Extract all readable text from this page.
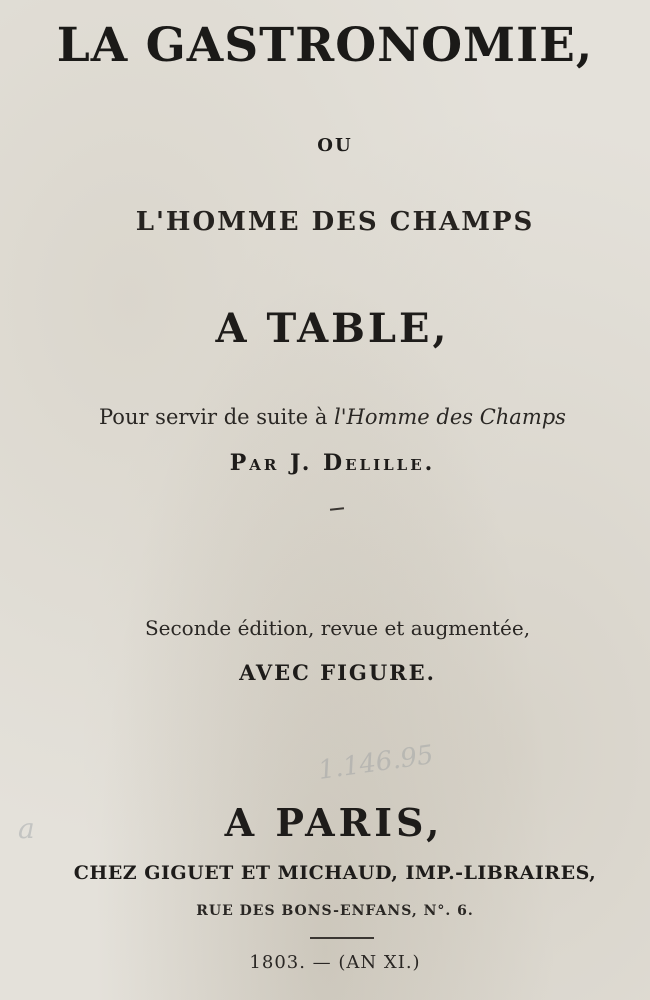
LA GASTRONOMIE,

OU

L'HOMME DES CHAMPS

A TABLE,

Pour servir de suite à l'Homme des Champs

Par J. Delille.

Seconde édition, revue et augmentée,

AVEC FIGURE.

1.146.95
a	A PARIS,

CHEZ GIGUET ET MICHAUD, IMP.-LIBRAIRES,

RUE DES BONS-ENFANS, N°. 6.

1803. — (AN XI.)
